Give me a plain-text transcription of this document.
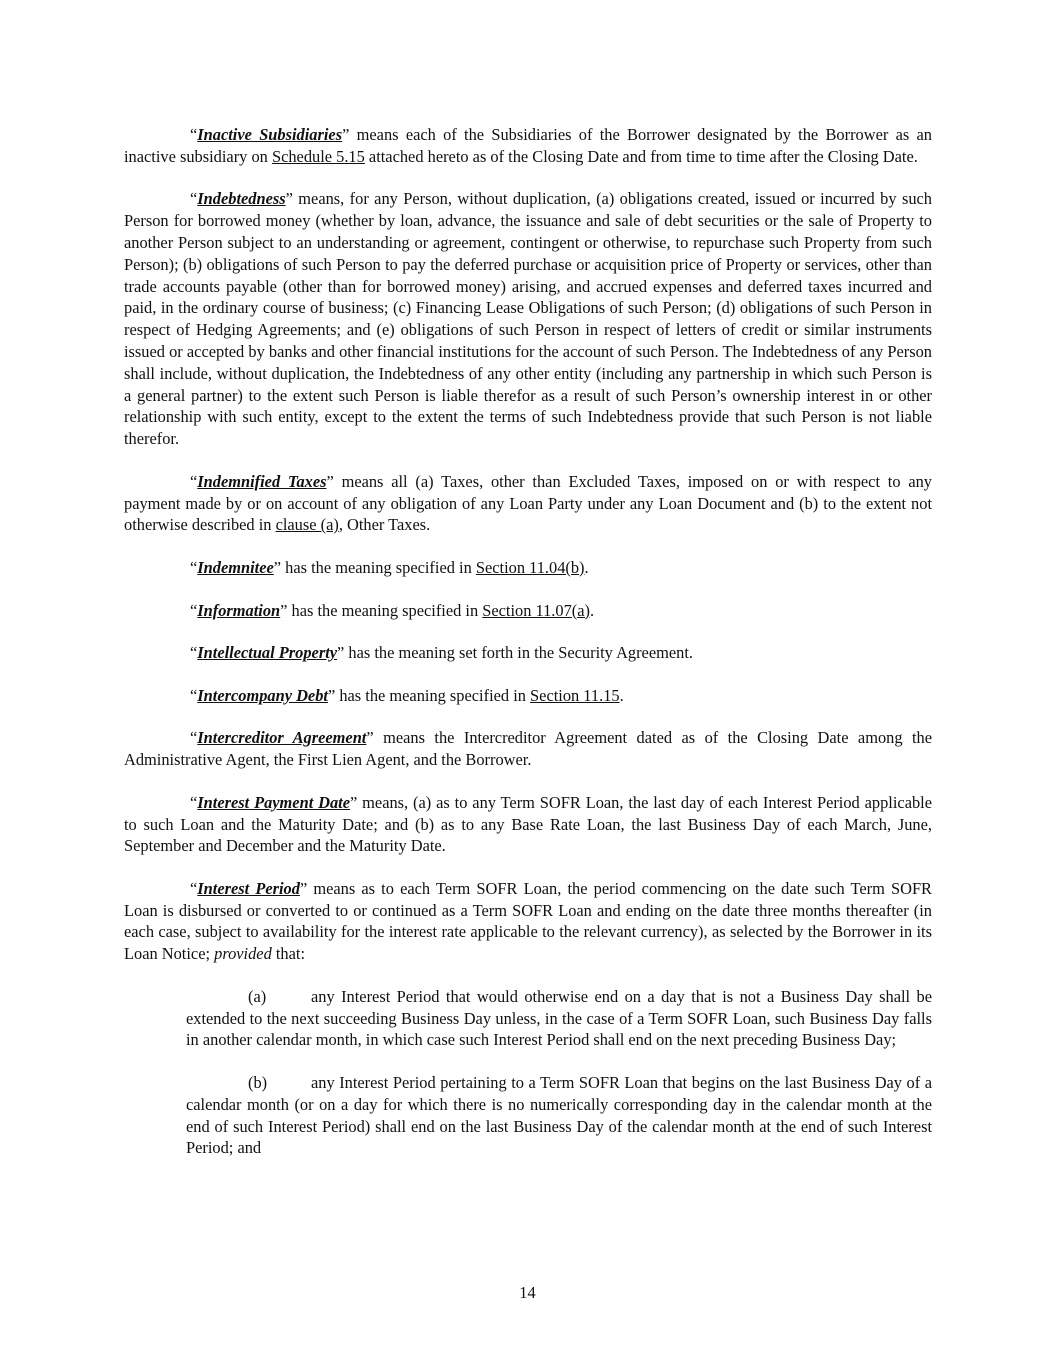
“Inactive Subsidiaries” means each of the Subsidiaries of the Borrower designated by the Borrower as an inactive subsidiary on Schedule 5.15 attached hereto as of the Closing Date and from time to time after the Closing Date.

“Indebtedness” means, for any Person, without duplication, (a) obligations created, issued or incurred by such Person for borrowed money (whether by loan, advance, the issuance and sale of debt securities or the sale of Property to another Person subject to an understanding or agreement, contingent or otherwise, to repurchase such Property from such Person); (b) obligations of such Person to pay the deferred purchase or acquisition price of Property or services, other than trade accounts payable (other than for borrowed money) arising, and accrued expenses and deferred taxes incurred and paid, in the ordinary course of business; (c) Financing Lease Obligations of such Person; (d) obligations of such Person in respect of Hedging Agreements; and (e) obligations of such Person in respect of letters of credit or similar instruments issued or accepted by banks and other financial institutions for the account of such Person. The Indebtedness of any Person shall include, without duplication, the Indebtedness of any other entity (including any partnership in which such Person is a general partner) to the extent such Person is liable therefor as a result of such Person’s ownership interest in or other relationship with such entity, except to the extent the terms of such Indebtedness provide that such Person is not liable therefor.

“Indemnified Taxes” means all (a) Taxes, other than Excluded Taxes, imposed on or with respect to any payment made by or on account of any obligation of any Loan Party under any Loan Document and (b) to the extent not otherwise described in clause (a), Other Taxes.

“Indemnitee” has the meaning specified in Section 11.04(b).

“Information” has the meaning specified in Section 11.07(a).

“Intellectual Property” has the meaning set forth in the Security Agreement.

“Intercompany Debt” has the meaning specified in Section 11.15.

“Intercreditor Agreement” means the Intercreditor Agreement dated as of the Closing Date among the Administrative Agent, the First Lien Agent, and the Borrower.

“Interest Payment Date” means, (a) as to any Term SOFR Loan, the last day of each Interest Period applicable to such Loan and the Maturity Date; and (b) as to any Base Rate Loan, the last Business Day of each March, June, September and December and the Maturity Date.

“Interest Period” means as to each Term SOFR Loan, the period commencing on the date such Term SOFR Loan is disbursed or converted to or continued as a Term SOFR Loan and ending on the date three months thereafter (in each case, subject to availability for the interest rate applicable to the relevant currency), as selected by the Borrower in its Loan Notice; provided that:

(a)	any Interest Period that would otherwise end on a day that is not a Business Day shall be extended to the next succeeding Business Day unless, in the case of a Term SOFR Loan, such Business Day falls in another calendar month, in which case such Interest Period shall end on the next preceding Business Day;

(b)	any Interest Period pertaining to a Term SOFR Loan that begins on the last Business Day of a calendar month (or on a day for which there is no numerically corresponding day in the calendar month at the end of such Interest Period) shall end on the last Business Day of the calendar month at the end of such Interest Period; and

14
